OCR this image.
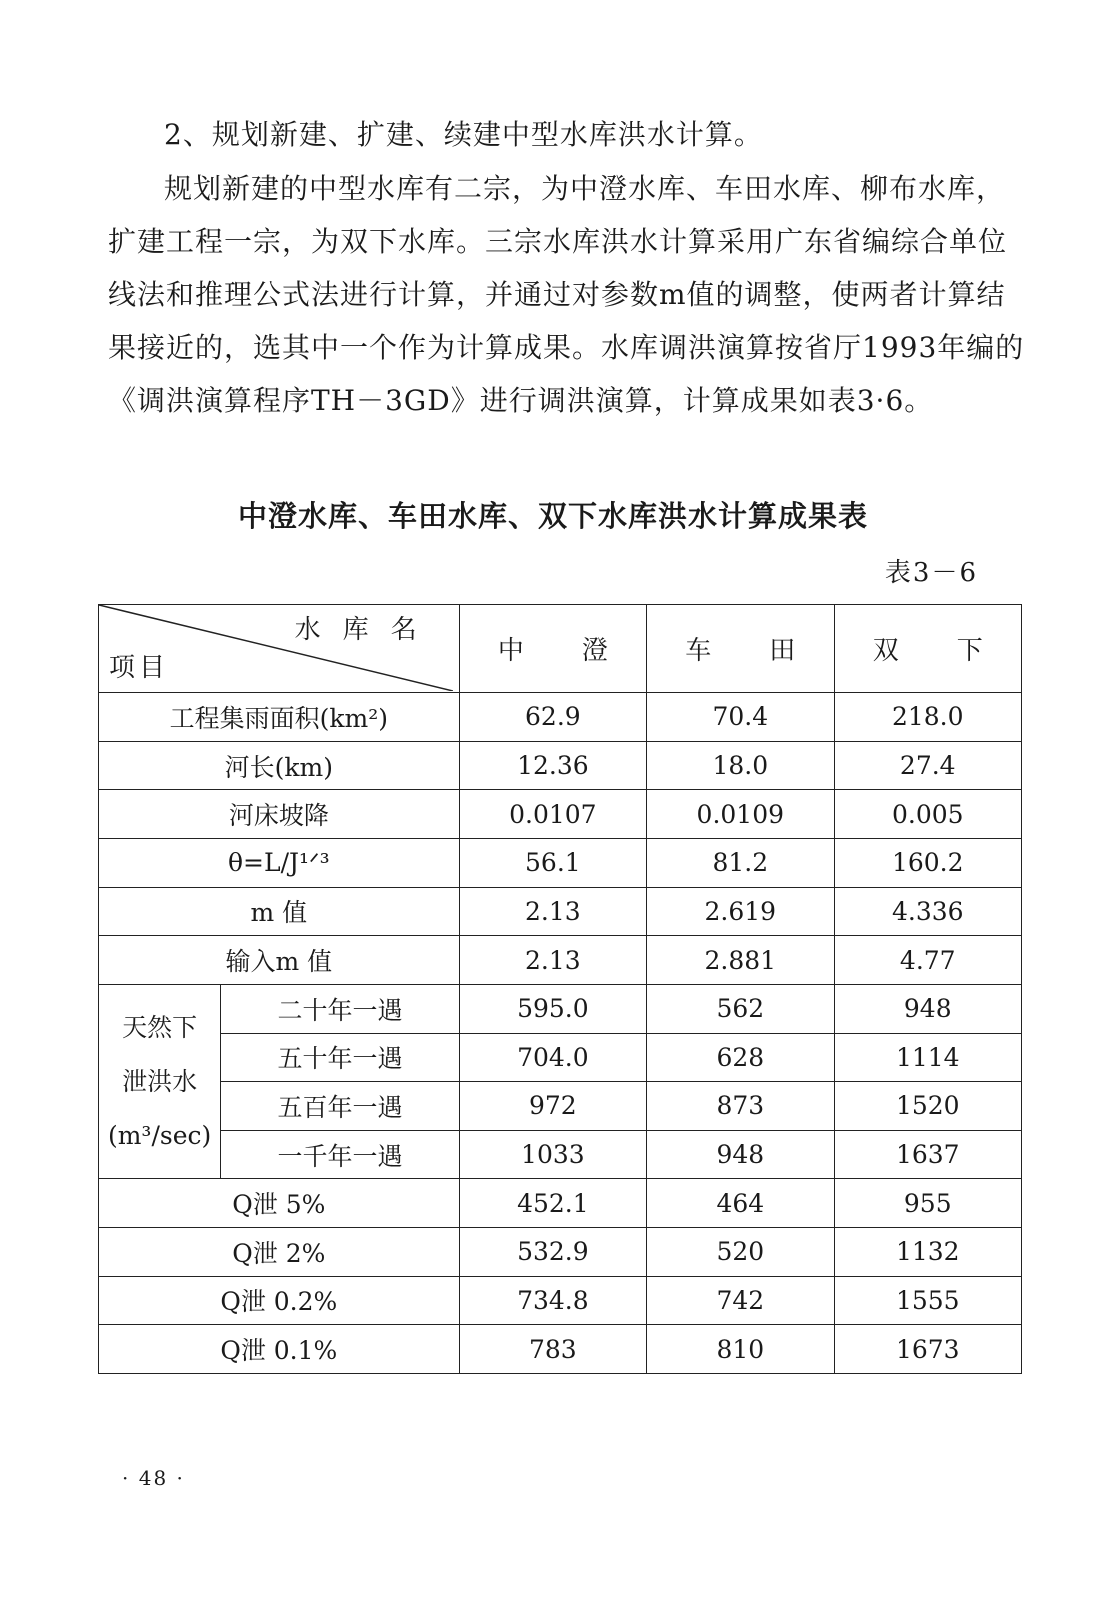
2、规划新建、扩建、续建中型水库洪水计算。

规划新建的中型水库有二宗，为中澄水库、车田水库、柳布水库，扩建工程一宗，为双下水库。三宗水库洪水计算采用广东省编综合单位线法和推理公式法进行计算，并通过对参数m值的调整，使两者计算结果接近的，选其中一个作为计算成果。水库调洪演算按省厅1993年编的《调洪演算程序TH－3GD》进行调洪演算，计算成果如表3·6。

中澄水库、车田水库、双下水库洪水计算成果表
表3－6
水库名
项目		中澄	车田	双下
工程集雨面积(km²)		62.9	70.4	218.0
河长(km)		12.36	18.0	27.4
河床坡降		0.0107	0.0109	0.005
θ=L/J¹ᐟ³		56.1	81.2	160.2
m 值		2.13	2.619	4.336
输入m 值		2.13	2.881	4.77

天然下
泄洪水
(m³/sec)	二十年一遇	595.0	562	948
	五十年一遇	704.0	628	1114
	五百年一遇	972	873	1520
	一千年一遇	1033	948	1637
Q泄 5%		452.1	464	955
Q泄 2%		532.9	520	1132
Q泄 0.2%		734.8	742	1555
Q泄 0.1%		783	810	1673
· 48 ·
